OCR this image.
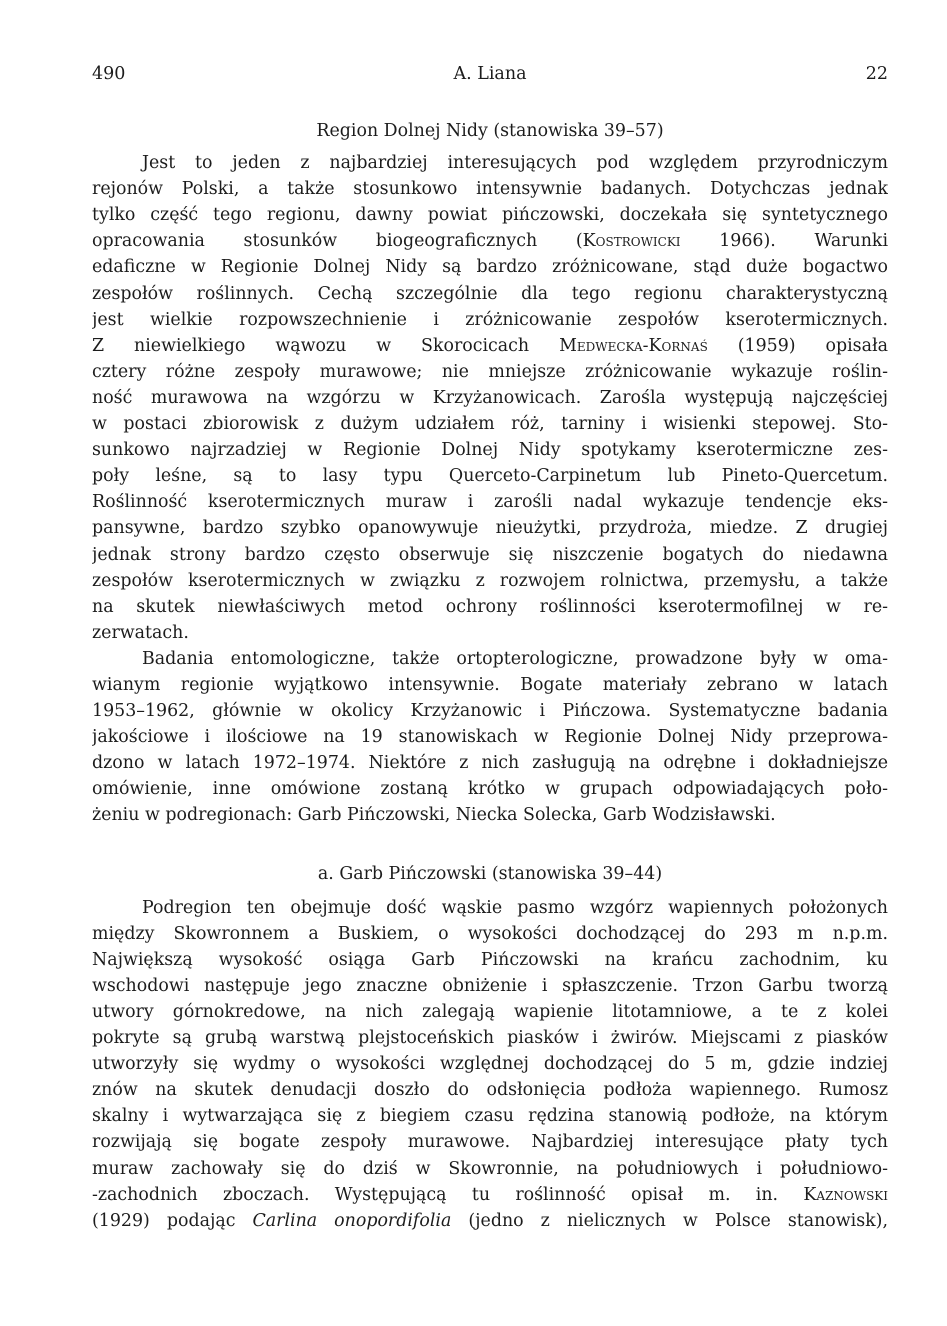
490	A. Liana	22
Region Dolnej Nidy (stanowiska 39–57)
Jest to jeden z najbardziej interesujących pod względem przyrodniczym
rejonów Polski, a także stosunkowo intensywnie badanych. Dotychczas jednak
tylko część tego regionu, dawny powiat pińczowski, doczekała się syntetycznego
opracowania stosunków biogeograficznych (Kostrowicki 1966). Warunki
edaficzne w Regionie Dolnej Nidy są bardzo zróżnicowane, stąd duże bogactwo
zespołów roślinnych. Cechą szczególnie dla tego regionu charakterystyczną
jest wielkie rozpowszechnienie i zróżnicowanie zespołów kserotermicznych.
Z niewielkiego wąwozu w Skorocicach Medwecka-Kornaś (1959) opisała
cztery różne zespoły murawowe; nie mniejsze zróżnicowanie wykazuje roślin-
ność murawowa na wzgórzu w Krzyżanowicach. Zarośla występują najczęściej
w postaci zbiorowisk z dużym udziałem róż, tarniny i wisienki stepowej. Sto-
sunkowo najrzadziej w Regionie Dolnej Nidy spotykamy kserotermiczne zes-
poły leśne, są to lasy typu Querceto-Carpinetum lub Pineto-Quercetum.
Roślinność kserotermicznych muraw i zarośli nadal wykazuje tendencje eks-
pansywne, bardzo szybko opanowywuje nieużytki, przydroża, miedze. Z drugiej
jednak strony bardzo często obserwuje się niszczenie bogatych do niedawna
zespołów kserotermicznych w związku z rozwojem rolnictwa, przemysłu, a także
na skutek niewłaściwych metod ochrony roślinności kserotermofilnej w re-
zerwatach.
Badania entomologiczne, także ortopterologiczne, prowadzone były w oma-
wianym regionie wyjątkowo intensywnie. Bogate materiały zebrano w latach
1953–1962, głównie w okolicy Krzyżanowic i Pińczowa. Systematyczne badania
jakościowe i ilościowe na 19 stanowiskach w Regionie Dolnej Nidy przeprowa-
dzono w latach 1972–1974. Niektóre z nich zasługują na odrębne i dokładniejsze
omówienie, inne omówione zostaną krótko w grupach odpowiadających poło-
żeniu w podregionach: Garb Pińczowski, Niecka Solecka, Garb Wodzisławski.
a. Garb Pińczowski (stanowiska 39–44)
Podregion ten obejmuje dość wąskie pasmo wzgórz wapiennych położonych
między Skowronnem a Buskiem, o wysokości dochodzącej do 293 m n.p.m.
Największą wysokość osiąga Garb Pińczowski na krańcu zachodnim, ku
wschodowi następuje jego znaczne obniżenie i spłaszczenie. Trzon Garbu tworzą
utwory górnokredowe, na nich zalegają wapienie litotamniowe, a te z kolei
pokryte są grubą warstwą plejstoceńskich piasków i żwirów. Miejscami z piasków
utworzyły się wydmy o wysokości względnej dochodzącej do 5 m, gdzie indziej
znów na skutek denudacji doszło do odsłonięcia podłoża wapiennego. Rumosz
skalny i wytwarzająca się z biegiem czasu rędzina stanowią podłoże, na którym
rozwijają się bogate zespoły murawowe. Najbardziej interesujące płaty tych
muraw zachowały się do dziś w Skowronnie, na południowych i południowo-
-zachodnich zboczach. Występującą tu roślinność opisał m. in. Kaznowski
(1929) podając Carlina onopordifolia (jedno z nielicznych w Polsce stanowisk),
